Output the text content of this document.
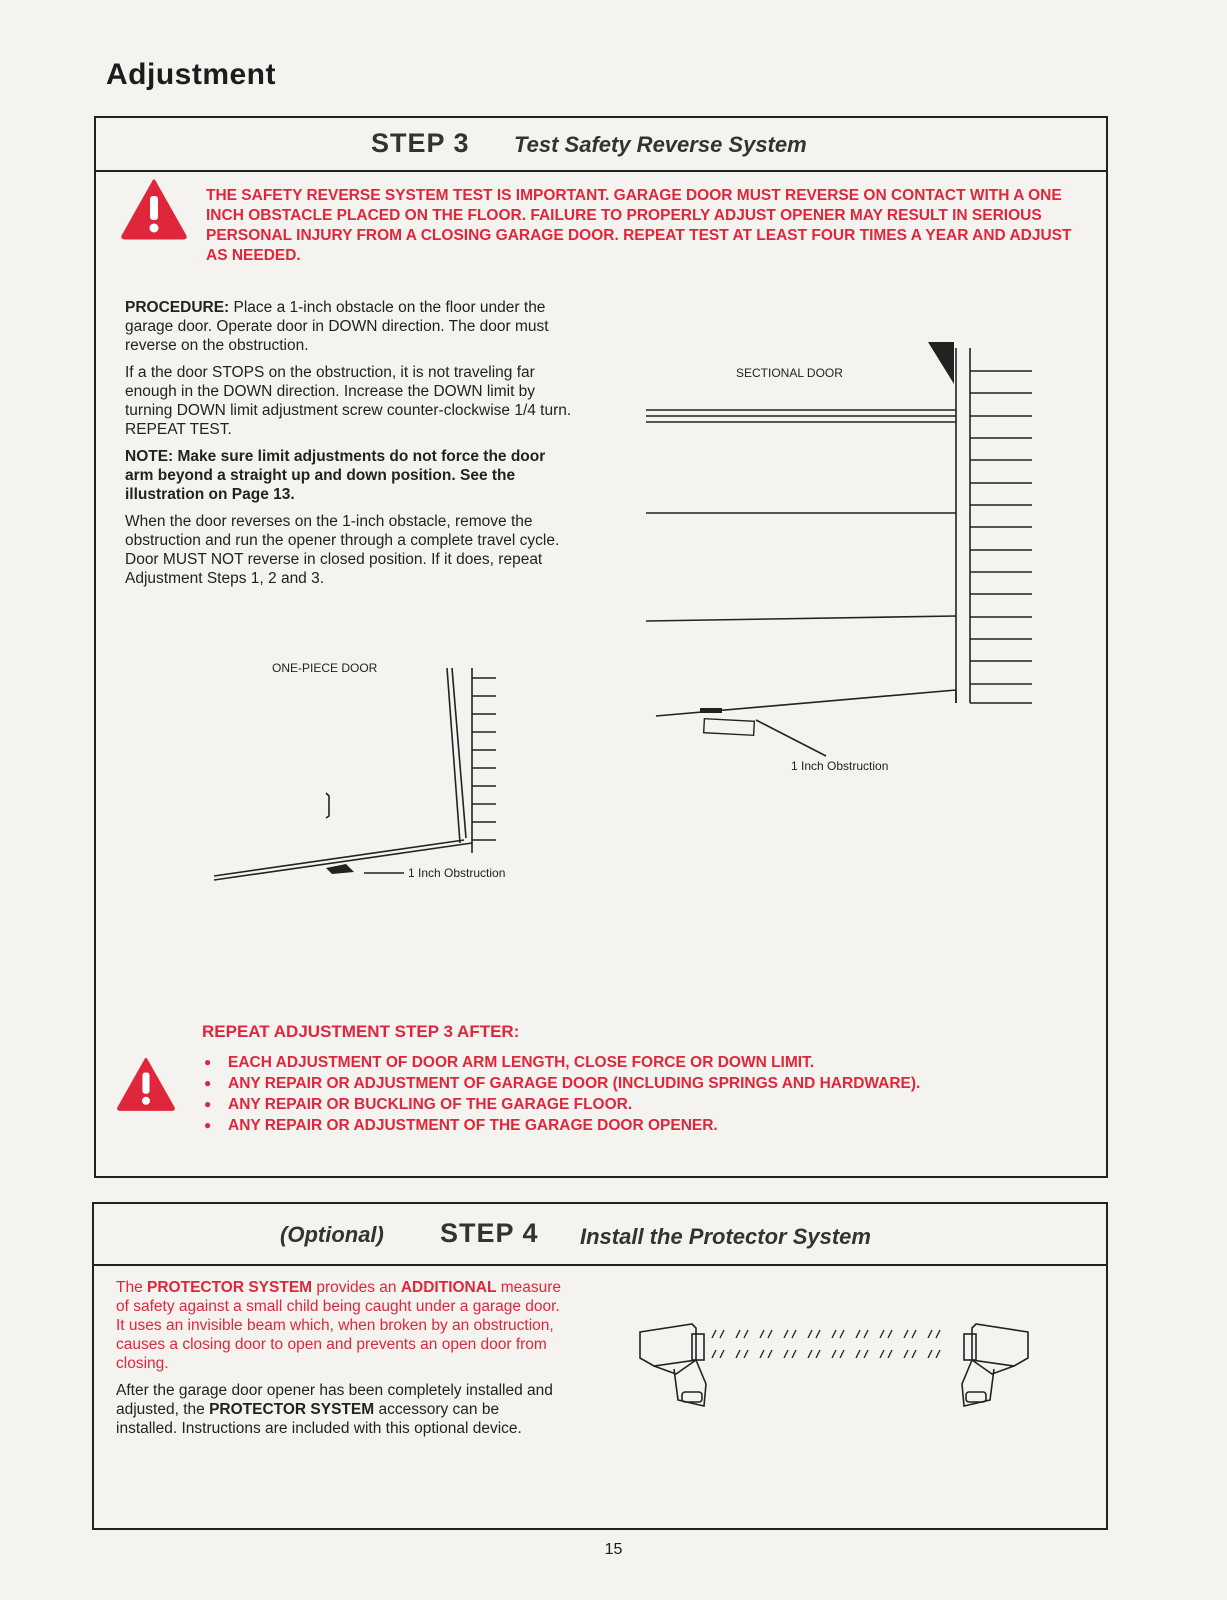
Adjustment
STEP 3 Test Safety Reverse System
THE SAFETY REVERSE SYSTEM TEST IS IMPORTANT. GARAGE DOOR MUST REVERSE ON CONTACT WITH A ONE INCH OBSTACLE PLACED ON THE FLOOR. FAILURE TO PROPERLY ADJUST OPENER MAY RESULT IN SERIOUS PERSONAL INJURY FROM A CLOSING GARAGE DOOR. REPEAT TEST AT LEAST FOUR TIMES A YEAR AND ADJUST AS NEEDED.

PROCEDURE: Place a 1-inch obstacle on the floor under the garage door. Operate door in DOWN direction. The door must reverse on the obstruction.

If a the door STOPS on the obstruction, it is not traveling far enough in the DOWN direction. Increase the DOWN limit by turning DOWN limit adjustment screw counter-clockwise 1/4 turn. REPEAT TEST.

NOTE: Make sure limit adjustments do not force the door arm beyond a straight up and down position. See the illustration on Page 13.

When the door reverses on the 1-inch obstacle, remove the obstruction and run the opener through a complete travel cycle. Door MUST NOT reverse in closed position. If it does, repeat Adjustment Steps 1, 2 and 3.

SECTIONAL DOOR
1 Inch Obstruction
ONE-PIECE DOOR
1 Inch Obstruction
REPEAT ADJUSTMENT STEP 3 AFTER:
● EACH ADJUSTMENT OF DOOR ARM LENGTH, CLOSE FORCE OR DOWN LIMIT.
● ANY REPAIR OR ADJUSTMENT OF GARAGE DOOR (INCLUDING SPRINGS AND HARDWARE).
● ANY REPAIR OR BUCKLING OF THE GARAGE FLOOR.
● ANY REPAIR OR ADJUSTMENT OF THE GARAGE DOOR OPENER.
(Optional) STEP 4 Install the Protector System

The PROTECTOR SYSTEM provides an ADDITIONAL measure of safety against a small child being caught under a garage door. It uses an invisible beam which, when broken by an obstruction, causes a closing door to open and prevents an open door from closing.

After the garage door opener has been completely installed and adjusted, the PROTECTOR SYSTEM accessory can be installed. Instructions are included with this optional device.

15
